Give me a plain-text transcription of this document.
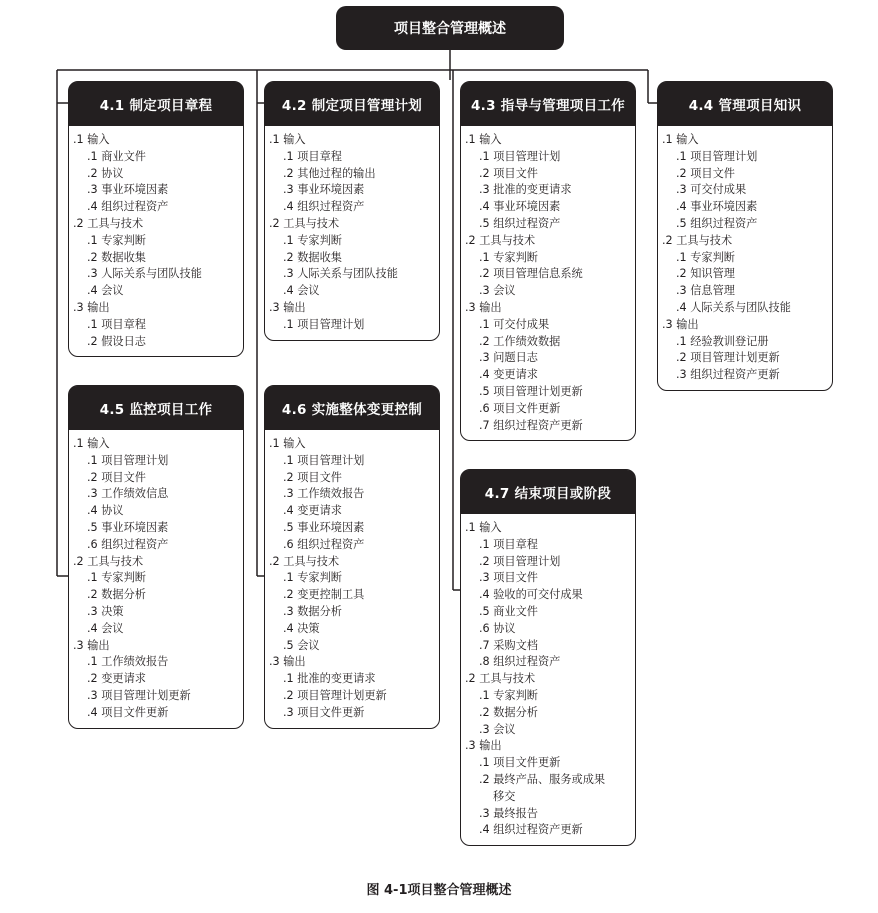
项目整合管理概述
4.1 制定项目章程
.1 输入
.1 商业文件
.2 协议
.3 事业环境因素
.4 组织过程资产
.2 工具与技术
.1 专家判断
.2 数据收集
.3 人际关系与团队技能
.4 会议
.3 输出
.1 项目章程
.2 假设日志
4.2 制定项目管理计划
.1 输入
.1 项目章程
.2 其他过程的输出
.3 事业环境因素
.4 组织过程资产
.2 工具与技术
.1 专家判断
.2 数据收集
.3 人际关系与团队技能
.4 会议
.3 输出
.1 项目管理计划
4.3 指导与管理项目工作
.1 输入
.1 项目管理计划
.2 项目文件
.3 批准的变更请求
.4 事业环境因素
.5 组织过程资产
.2 工具与技术
.1 专家判断
.2 项目管理信息系统
.3 会议
.3 输出
.1 可交付成果
.2 工作绩效数据
.3 问题日志
.4 变更请求
.5 项目管理计划更新
.6 项目文件更新
.7 组织过程资产更新
4.4 管理项目知识
.1 输入
.1 项目管理计划
.2 项目文件
.3 可交付成果
.4 事业环境因素
.5 组织过程资产
.2 工具与技术
.1 专家判断
.2 知识管理
.3 信息管理
.4 人际关系与团队技能
.3 输出
.1 经验教训登记册
.2 项目管理计划更新
.3 组织过程资产更新
4.5 监控项目工作
.1 输入
.1 项目管理计划
.2 项目文件
.3 工作绩效信息
.4 协议
.5 事业环境因素
.6 组织过程资产
.2 工具与技术
.1 专家判断
.2 数据分析
.3 决策
.4 会议
.3 输出
.1 工作绩效报告
.2 变更请求
.3 项目管理计划更新
.4 项目文件更新
4.6 实施整体变更控制
.1 输入
.1 项目管理计划
.2 项目文件
.3 工作绩效报告
.4 变更请求
.5 事业环境因素
.6 组织过程资产
.2 工具与技术
.1 专家判断
.2 变更控制工具
.3 数据分析
.4 决策
.5 会议
.3 输出
.1 批准的变更请求
.2 项目管理计划更新
.3 项目文件更新
4.7 结束项目或阶段
.1 输入
.1 项目章程
.2 项目管理计划
.3 项目文件
.4 验收的可交付成果
.5 商业文件
.6 协议
.7 采购文档
.8 组织过程资产
.2 工具与技术
.1 专家判断
.2 数据分析
.3 会议
.3 输出
.1 项目文件更新
.2 最终产品、服务或成果
移交
.3 最终报告
.4 组织过程资产更新
图 4-1项目整合管理概述
